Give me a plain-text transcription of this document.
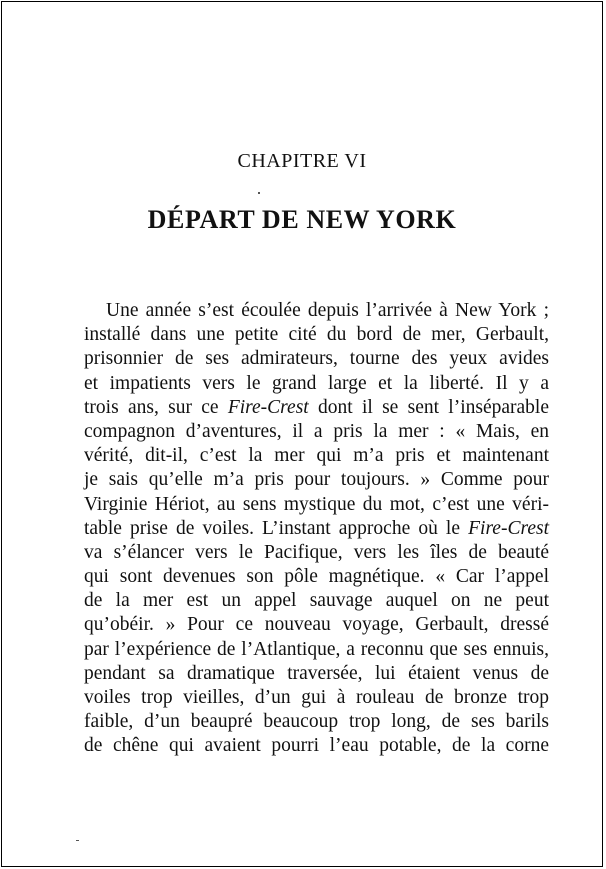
CHAPITRE VI
DÉPART DE NEW YORK
Une année s’est écoulée depuis l’arrivée à New York ;
installé dans une petite cité du bord de mer, Gerbault,
prisonnier de ses admirateurs, tourne des yeux avides
et impatients vers le grand large et la liberté. Il y a
trois ans, sur ce Fire-Crest dont il se sent l’inséparable
compagnon d’aventures, il a pris la mer : « Mais, en
vérité, dit-il, c’est la mer qui m’a pris et maintenant
je sais qu’elle m’a pris pour toujours. » Comme pour
Virginie Hériot, au sens mystique du mot, c’est une véri-
table prise de voiles. L’instant approche où le Fire-Crest
va s’élancer vers le Pacifique, vers les îles de beauté
qui sont devenues son pôle magnétique. « Car l’appel
de la mer est un appel sauvage auquel on ne peut
qu’obéir. » Pour ce nouveau voyage, Gerbault, dressé
par l’expérience de l’Atlantique, a reconnu que ses ennuis,
pendant sa dramatique traversée, lui étaient venus de
voiles trop vieilles, d’un gui à rouleau de bronze trop
faible, d’un beaupré beaucoup trop long, de ses barils
de chêne qui avaient pourri l’eau potable, de la corne
